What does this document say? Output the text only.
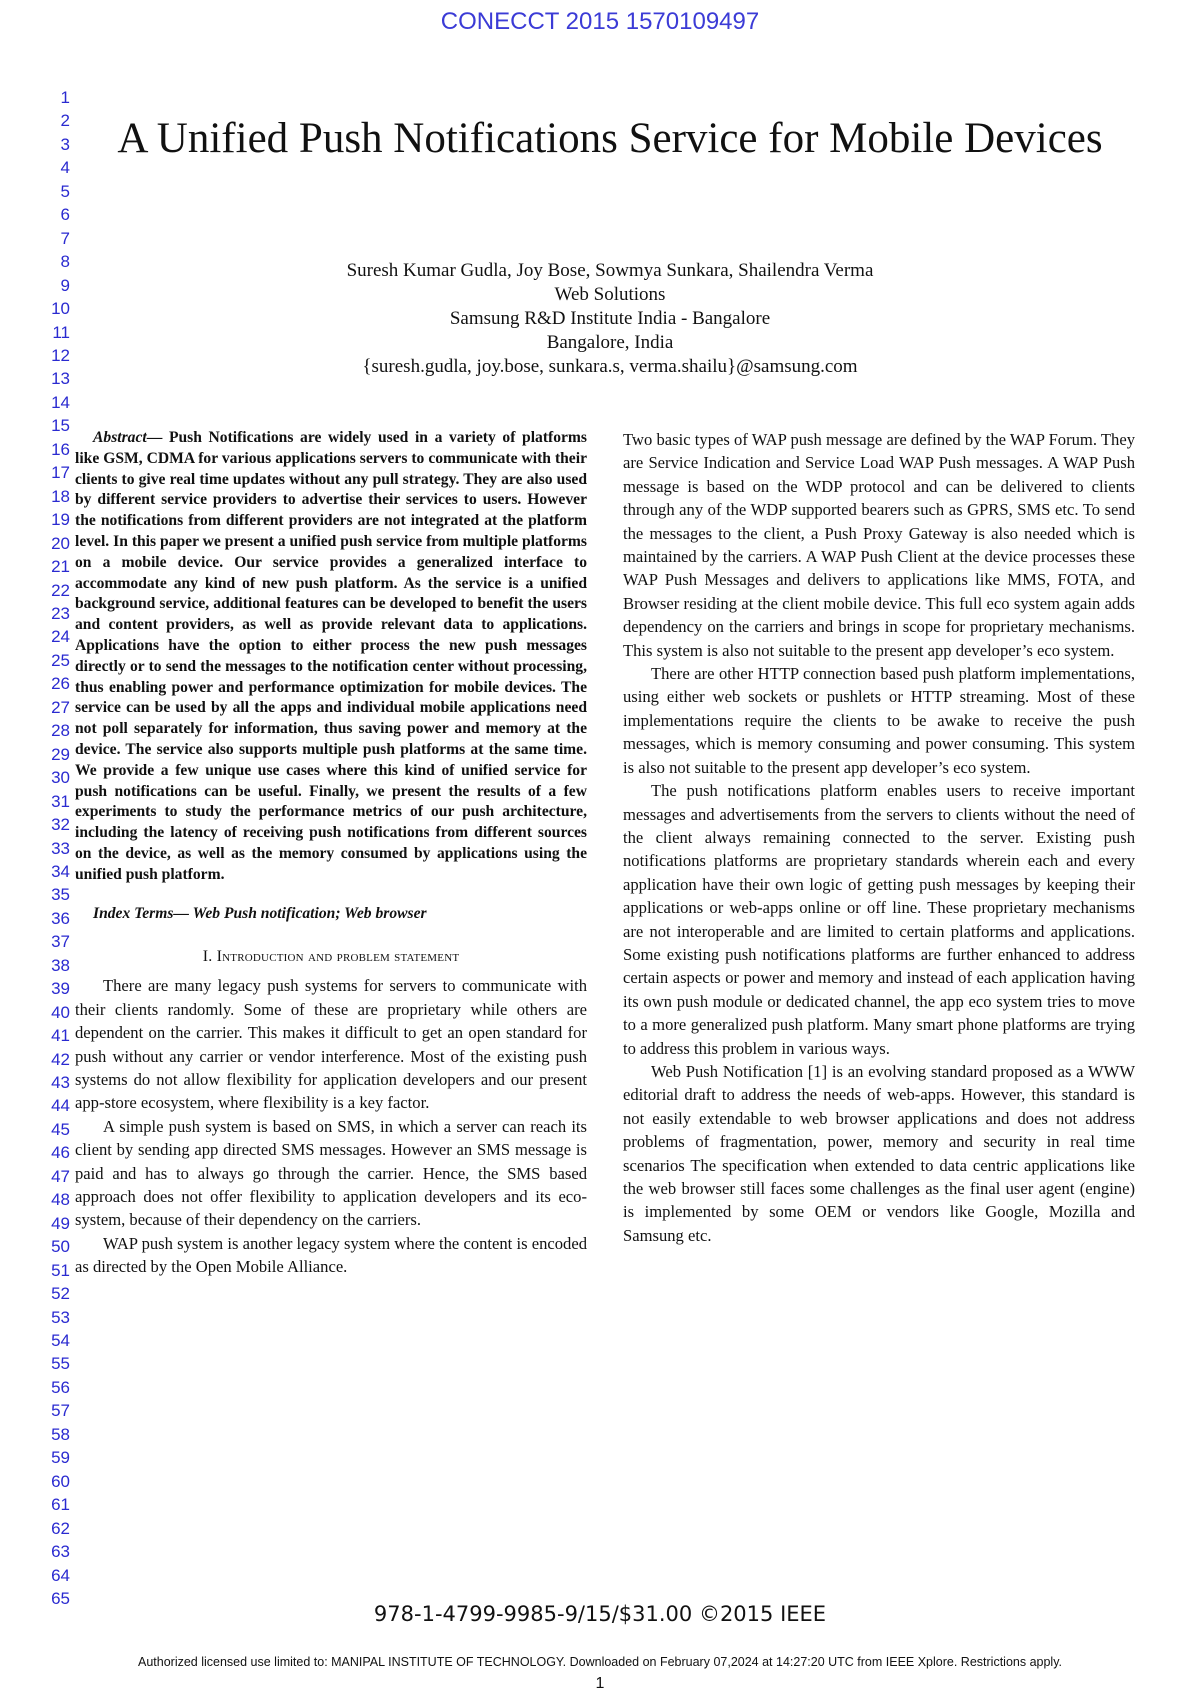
CONECCT 2015 1570109497
1
2
3
4
5
6
7
8
9
10
11
12
13
14
15
16
17
18
19
20
21
22
23
24
25
26
27
28
29
30
31
32
33
34
35
36
37
38
39
40
41
42
43
44
45
46
47
48
49
50
51
52
53
54
55
56
57
58
59
60
61
62
63
64
65
A Unified Push Notifications Service for Mobile Devices
Suresh Kumar Gudla, Joy Bose, Sowmya Sunkara, Shailendra Verma
Web Solutions
Samsung R&D Institute India - Bangalore
Bangalore, India
{suresh.gudla, joy.bose, sunkara.s, verma.shailu}@samsung.com

Abstract— Push Notifications are widely used in a variety of platforms like GSM, CDMA for various applications servers to communicate with their clients to give real time updates without any pull strategy. They are also used by different service providers to advertise their services to users. However the notifications from different providers are not integrated at the platform level. In this paper we present a unified push service from multiple platforms on a mobile device. Our service provides a generalized interface to accommodate any kind of new push platform. As the service is a unified background service, additional features can be developed to benefit the users and content providers, as well as provide relevant data to applications. Applications have the option to either process the new push messages directly or to send the messages to the notification center without processing, thus enabling power and performance optimization for mobile devices. The service can be used by all the apps and individual mobile applications need not poll separately for information, thus saving power and memory at the device. The service also supports multiple push platforms at the same time. We provide a few unique use cases where this kind of unified service for push notifications can be useful. Finally, we present the results of a few experiments to study the performance metrics of our push architecture, including the latency of receiving push notifications from different sources on the device, as well as the memory consumed by applications using the unified push platform.

Index Terms— Web Push notification; Web browser

I. Introduction and problem statement

There are many legacy push systems for servers to communicate with their clients randomly. Some of these are proprietary while others are dependent on the carrier. This makes it difficult to get an open standard for push without any carrier or vendor interference. Most of the existing push systems do not allow flexibility for application developers and our present app-store ecosystem, where flexibility is a key factor.

A simple push system is based on SMS, in which a server can reach its client by sending app directed SMS messages. However an SMS message is paid and has to always go through the carrier. Hence, the SMS based approach does not offer flexibility to application developers and its eco-system, because of their dependency on the carriers.

WAP push system is another legacy system where the content is encoded as directed by the Open Mobile Alliance.

Two basic types of WAP push message are defined by the WAP Forum. They are Service Indication and Service Load WAP Push messages. A WAP Push message is based on the WDP protocol and can be delivered to clients through any of the WDP supported bearers such as GPRS, SMS etc. To send the messages to the client, a Push Proxy Gateway is also needed which is maintained by the carriers. A WAP Push Client at the device processes these WAP Push Messages and delivers to applications like MMS, FOTA, and Browser residing at the client mobile device. This full eco system again adds dependency on the carriers and brings in scope for proprietary mechanisms. This system is also not suitable to the present app developer’s eco system.

There are other HTTP connection based push platform implementations, using either web sockets or pushlets or HTTP streaming. Most of these implementations require the clients to be awake to receive the push messages, which is memory consuming and power consuming. This system is also not suitable to the present app developer’s eco system.

The push notifications platform enables users to receive important messages and advertisements from the servers to clients without the need of the client always remaining connected to the server. Existing push notifications platforms are proprietary standards wherein each and every application have their own logic of getting push messages by keeping their applications or web-apps online or off line. These proprietary mechanisms are not interoperable and are limited to certain platforms and applications. Some existing push notifications platforms are further enhanced to address certain aspects or power and memory and instead of each application having its own push module or dedicated channel, the app eco system tries to move to a more generalized push platform. Many smart phone platforms are trying to address this problem in various ways.

Web Push Notification [1] is an evolving standard proposed as a WWW editorial draft to address the needs of web-apps. However, this standard is not easily extendable to web browser applications and does not address problems of fragmentation, power, memory and security in real time scenarios The specification when extended to data centric applications like the web browser still faces some challenges as the final user agent (engine) is implemented by some OEM or vendors like Google, Mozilla and Samsung etc.

978-1-4799-9985-9/15/$31.00 ©2015 IEEE
Authorized licensed use limited to: MANIPAL INSTITUTE OF TECHNOLOGY. Downloaded on February 07,2024 at 14:27:20 UTC from IEEE Xplore. Restrictions apply.
1
